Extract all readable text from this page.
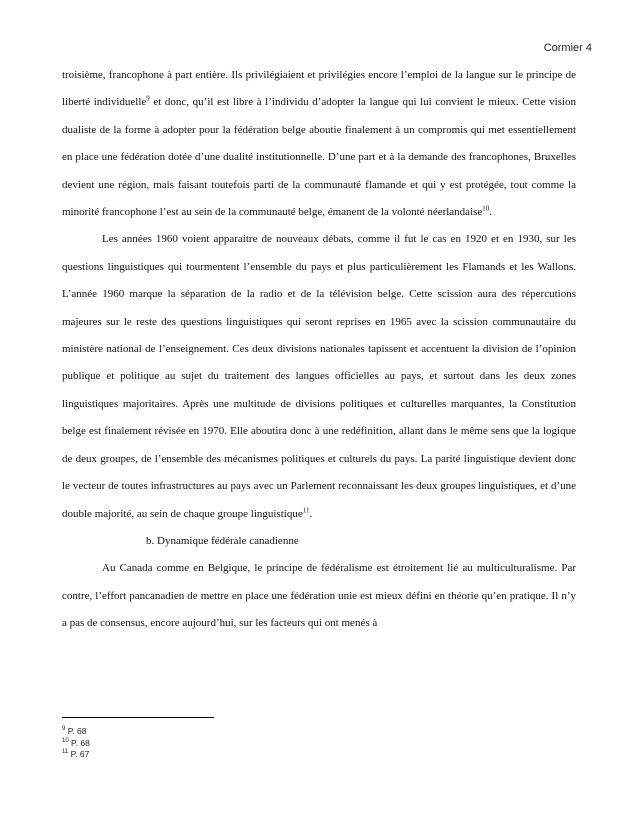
Cormier 4

troisième, francophone à part entière. Ils privilégiaient et privilégies encore l’emploi de la langue sur le principe de liberté individuelle$^9$ et donc, qu’il est libre à l’individu d’adopter la langue qui lui convient le mieux. Cette vision dualiste de la forme à adopter pour la fédération belge aboutie finalement à un compromis qui met essentiellement en place une fédération dotée d’une dualité institutionnelle. D’une part et à la demande des francophones, Bruxelles devient une région, mais faisant toutefois parti de la communauté flamande et qui y est protégée, tout comme la minorité francophone l’est au sein de la communauté belge, émanent de la volonté néerlandaise$^{10}$.

Les années 1960 voient apparaitre de nouveaux débats, comme il fut le cas en 1920 et en 1930, sur les questions linguistiques qui tourmentent l’ensemble du pays et plus particulièrement les Flamands et les Wallons. L’année 1960 marque la séparation de la radio et de la télévision belge. Cette scission aura des répercutions majeures sur le reste des questions linguistiques qui seront reprises en 1965 avec la scission communautaire du ministère national de l’enseignement. Ces deux divisions nationales tapissent et accentuent la division de l’opinion publique et politique au sujet du traitement des langues officielles au pays, et surtout dans les deux zones linguistiques majoritaires. Après une multitude de divisions politiques et culturelles marquantes, la Constitution belge est finalement révisée en 1970. Elle aboutira donc à une redéfinition, allant dans le même sens que la logique de deux groupes, de l’ensemble des mécanismes politiques et culturels du pays. La parité linguistique devient donc le vecteur de toutes infrastructures au pays avec un Parlement reconnaissant les deux groupes linguistiques, et d’une double majorité, au sein de chaque groupe linguistique$^{11}$.

b. Dynamique fédérale canadienne

Au Canada comme en Belgique, le principe de fédéralisme est étroitement lié au multiculturalisme. Par contre, l’effort pancanadien de mettre en place une fédération unie est mieux défini en théorie qu’en pratique. Il n’y a pas de consensus, encore aujourd’hui, sur les facteurs qui ont menés à

$^9$ P. 68
$^{10}$ P. 68
$^{11}$ P. 67
